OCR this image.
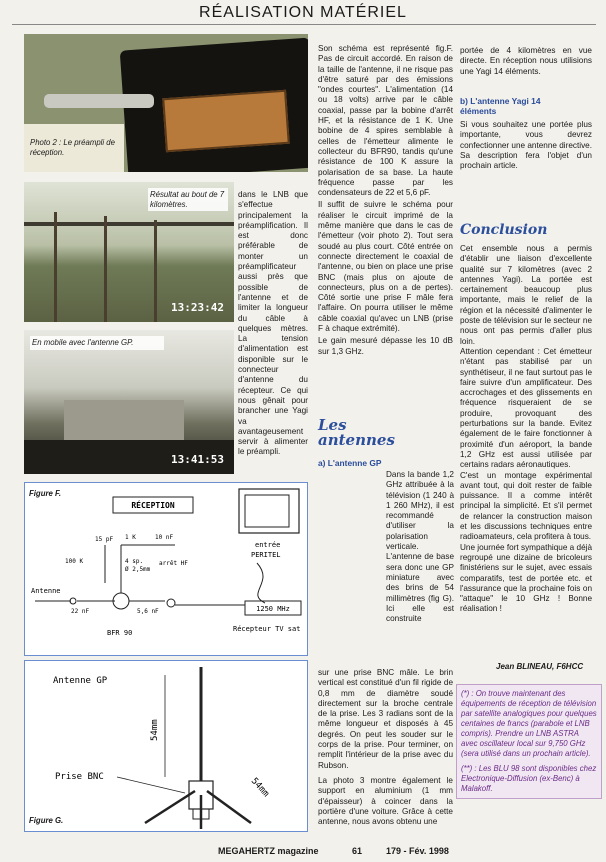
RÉALISATION MATÉRIEL
Photo 2 : Le préampli de réception.
Résultat au bout de 7 kilomètres.
13:23:42
En mobile avec l'antenne GP.
13:41:53
dans le LNB que s'effectue principalement la préamplification. Il est donc préférable de monter un préamplificateur aussi près que possible de l'antenne et de limiter la longueur du câble à quelques mètres. La tension d'alimentation est disponible sur le connecteur d'antenne du récepteur. Ce qui nous gênait pour brancher une Yagi va avantageusement servir à alimenter le préampli.

Son schéma est représenté fig.F. Pas de circuit accordé. En raison de la taille de l'antenne, il ne risque pas d'être saturé par des émissions "ondes courtes". L'alimentation (14 ou 18 volts) arrive par le câble coaxial, passe par la bobine d'arrêt HF, et la résistance de 1 K. Une bobine de 4 spires semblable à celles de l'émetteur alimente le collecteur du BFR90, tandis qu'une résistance de 100 K assure la polarisation de sa base. La haute fréquence passe par les condensateurs de 22 et 5,6 pF.

Il suffit de suivre le schéma pour réaliser le circuit imprimé de la même manière que dans le cas de l'émetteur (voir photo 2). Tout sera soudé au plus court. Côté entrée on connecte directement le coaxial de l'antenne, ou bien on place une prise BNC (mais plus on ajoute de connecteurs, plus on a de pertes). Côté sortie une prise F mâle fera l'affaire. On pourra utiliser le même câble coaxial qu'avec un LNB (prise F à chaque extrémité).

Le gain mesuré dépasse les 10 dB sur 1,3 GHz.

Les antennes
a) L'antenne GP
Dans la bande 1,2 GHz attribuée à la télévision (1 240 à 1 260 MHz), il est recommandé d'utiliser la polarisation verticale. L'antenne de base sera donc une GP miniature avec des brins de 54 millimètres (fig G). Ici elle est construite
sur une prise BNC mâle. Le brin vertical est constitué d'un fil rigide de 0,8 mm de diamètre soudé directement sur la broche centrale de la prise. Les 3 radians sont de la même longueur et disposés à 45 degrés. On peut les souder sur le corps de la prise. Pour terminer, on remplit l'intérieur de la prise avec du Rubson.
La photo 3 montre également le support en aluminium (1 mm d'épaisseur) à coincer dans la portière d'une voiture. Grâce à cette antenne, nous avons obtenu une
portée de 4 kilomètres en vue directe. En réception nous utilisions une Yagi 14 éléments.
b) L'antenne Yagi 14 éléments
Si vous souhaitez une portée plus importante, vous devrez confectionner une antenne directive. Sa description fera l'objet d'un prochain article.
Conclusion

Cet ensemble nous a permis d'établir une liaison d'excellente qualité sur 7 kilomètres (avec 2 antennes Yagi). La portée est certainement beaucoup plus importante, mais le relief de la région et la nécessité d'alimenter le poste de télévision sur le secteur ne nous ont pas permis d'aller plus loin.

Attention cependant : Cet émetteur n'étant pas stabilisé par un synthétiseur, il ne faut surtout pas le faire suivre d'un amplificateur. Des accrochages et des glissements en fréquence risqueraient de se produire, provoquant des perturbations sur la bande. Evitez également de le faire fonctionner à proximité d'un aéroport, la bande 1,2 GHz est aussi utilisée par certains radars aéronautiques.

C'est un montage expérimental avant tout, qui doit rester de faible puissance. Il a comme intérêt principal la simplicité. Et s'il permet de relancer la construction maison et les discussions techniques entre radioamateurs, cela profitera à tous.

Une journée fort sympathique a déjà regroupé une dizaine de bricoleurs finistériens sur le sujet, avec essais comparatifs, test de portée etc. et l'assurance que la prochaine fois on "attaque" le 10 GHz ! Bonne réalisation !

Jean BLINEAU, F6HCC
(*) : On trouve maintenant des équipements de réception de télévision par satellite analogiques pour quelques centaines de francs (parabole et LNB compris). Prendre un LNB ASTRA avec oscillateur local sur 9,750 GHz (sera utilisé dans un prochain article).
(**) : Les BLU 98 sont disponibles chez Electronique-Diffusion (ex-Benc) à Malakoff.
RÉCEPTION
entrée
PERITEL
1250 MHz
Récepteur TV sat
Antenne
22 nF
BFR 90
15 pF 1 K	10 nF
100 K	4 sp.
Ø 2,5mm
arrêt HF
5,6 nF
Figure F.
Antenne GP
54mm
54mm
Prise BNC
Figure G.
MEGAHERTZ magazine	61	179 - Fév. 1998
